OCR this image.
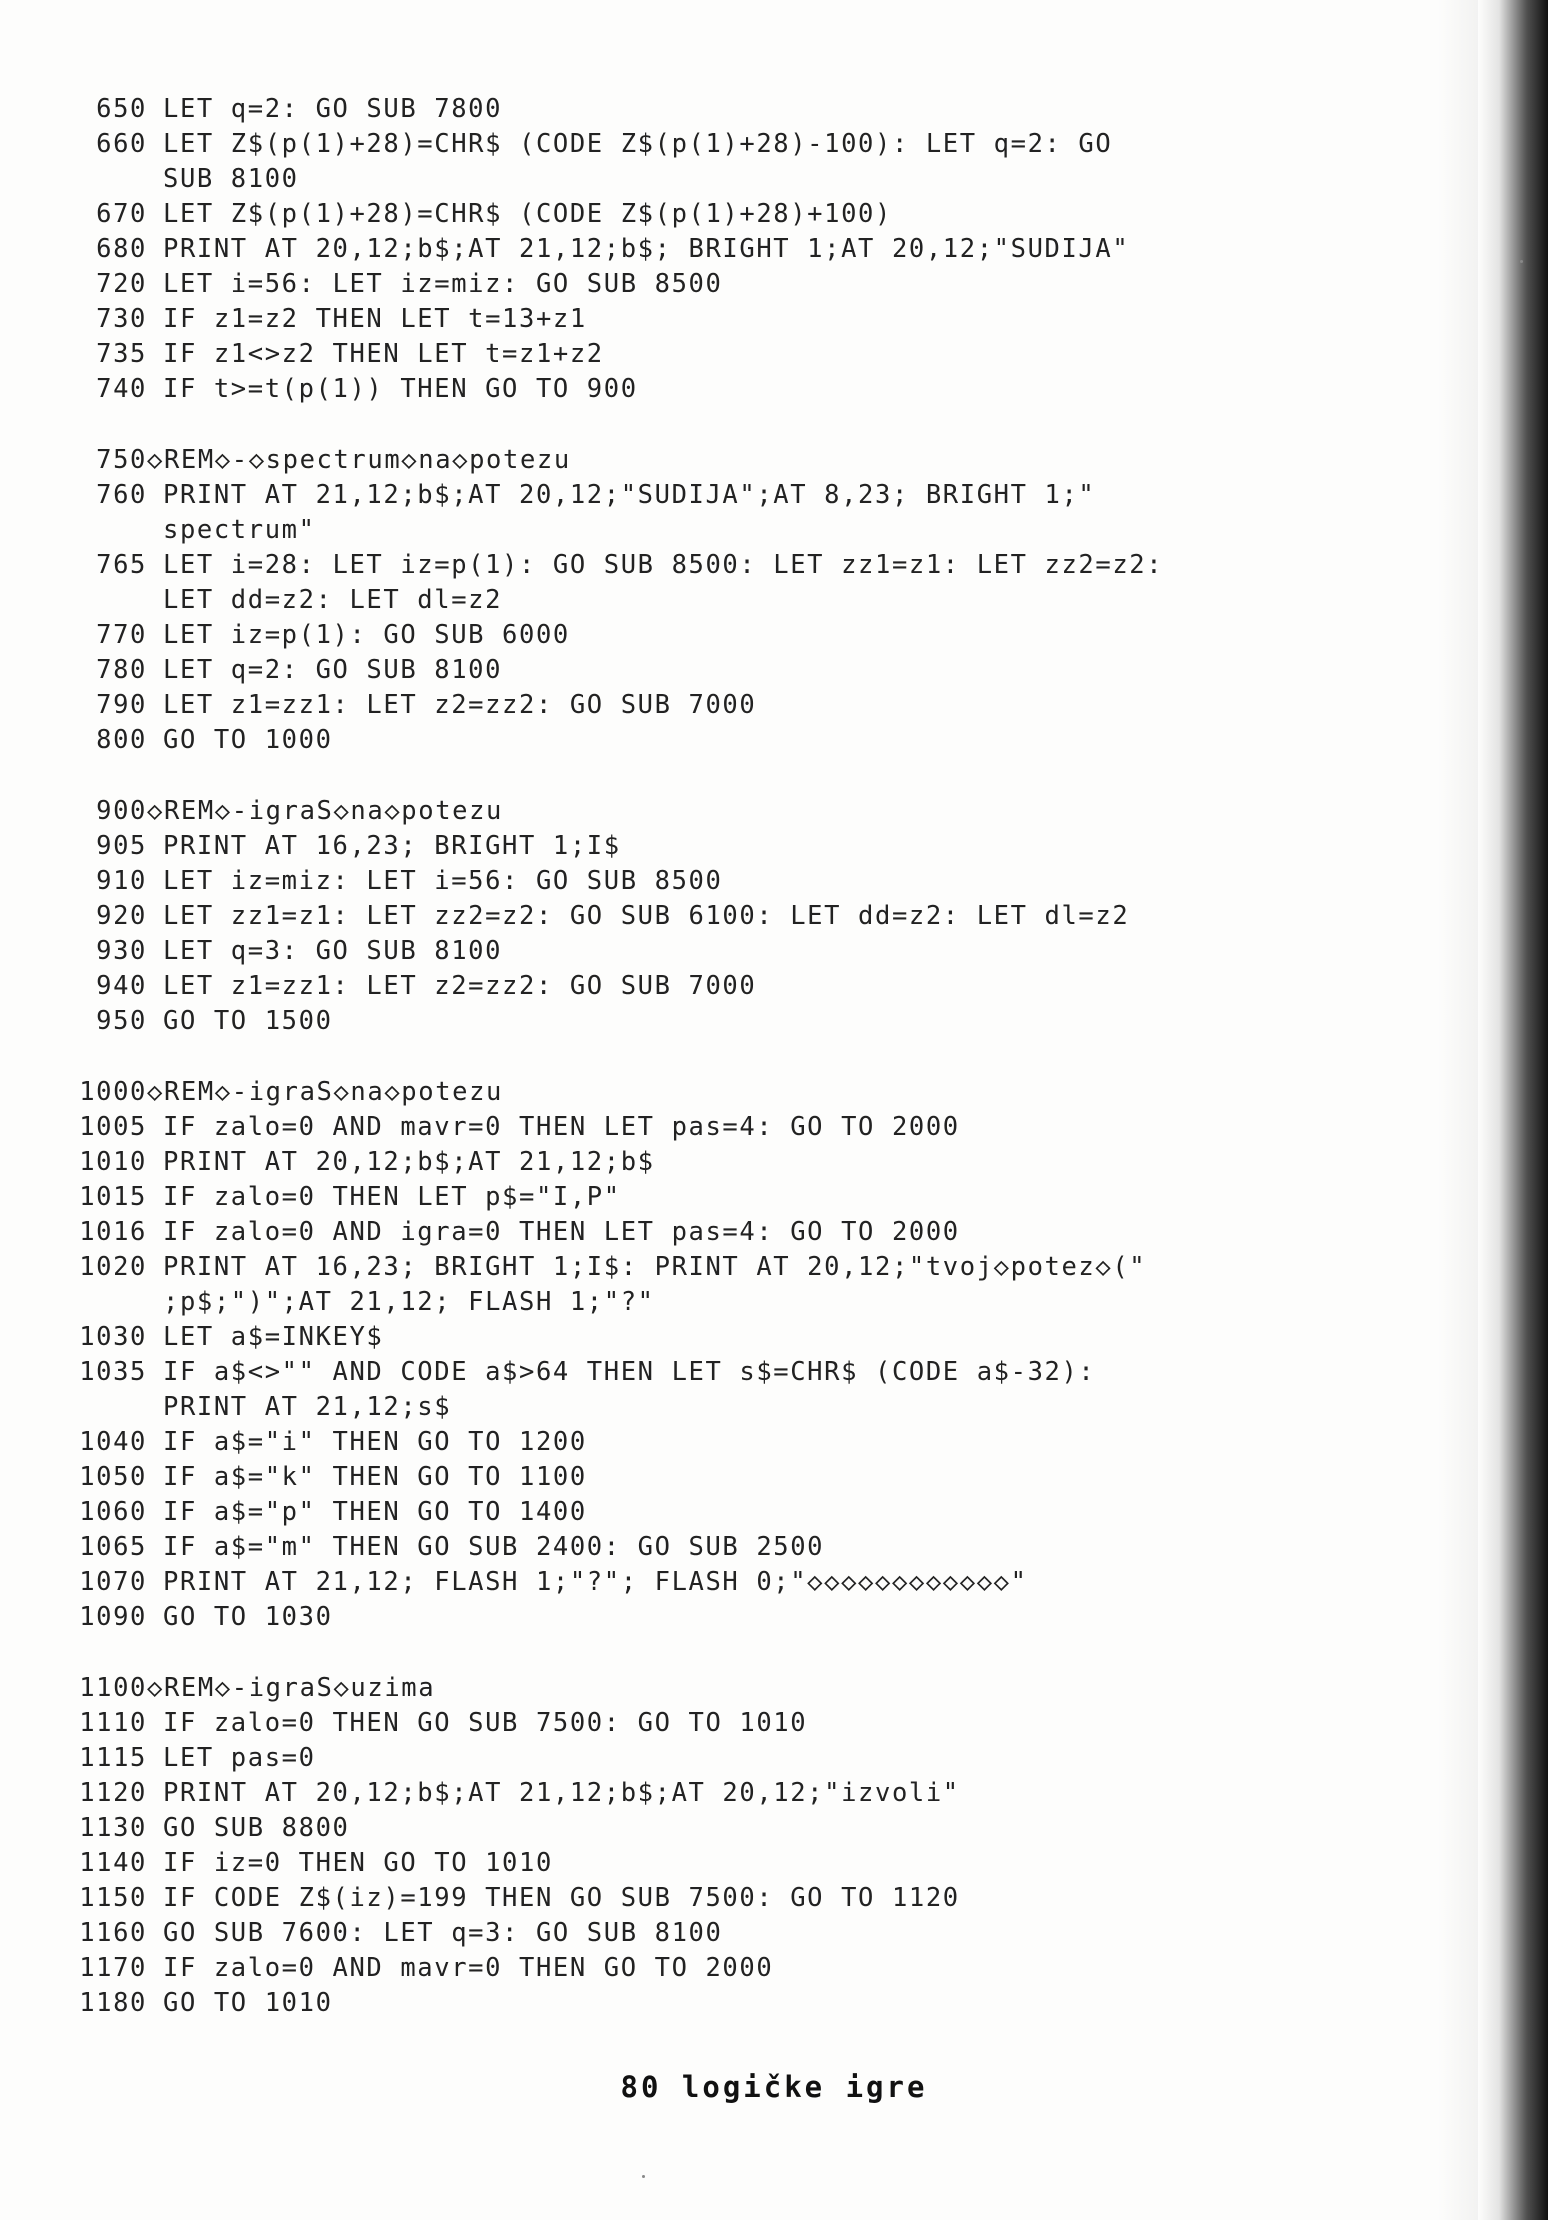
650 LET q=2: GO SUB 7800
660 LET Z$(p(1)+28)=CHR$ (CODE Z$(p(1)+28)-100): LET q=2: GO
SUB 8100
670 LET Z$(p(1)+28)=CHR$ (CODE Z$(p(1)+28)+100)
680 PRINT AT 20,12;b$;AT 21,12;b$; BRIGHT 1;AT 20,12;"SUDIJA"
720 LET i=56: LET iz=miz: GO SUB 8500
730 IF z1=z2 THEN LET t=13+z1
735 IF z1<>z2 THEN LET t=z1+z2
740 IF t>=t(p(1)) THEN GO TO 900
750 ◇REM◇-◇spectrum◇na◇potezu
760 PRINT AT 21,12;b$;AT 20,12;"SUDIJA";AT 8,23; BRIGHT 1;"
spectrum"
765 LET i=28: LET iz=p(1): GO SUB 8500: LET zz1=z1: LET zz2=z2:
LET dd=z2: LET dl=z2
770 LET iz=p(1): GO SUB 6000
780 LET q=2: GO SUB 8100
790 LET z1=zz1: LET z2=zz2: GO SUB 7000
800 GO TO 1000
900 ◇REM◇-igraS◇na◇potezu
905 PRINT AT 16,23; BRIGHT 1;I$
910 LET iz=miz: LET i=56: GO SUB 8500
920 LET zz1=z1: LET zz2=z2: GO SUB 6100: LET dd=z2: LET dl=z2
930 LET q=3: GO SUB 8100
940 LET z1=zz1: LET z2=zz2: GO SUB 7000
950 GO TO 1500
1000 ◇REM◇-igraS◇na◇potezu
1005 IF zalo=0 AND mavr=0 THEN LET pas=4: GO TO 2000
1010 PRINT AT 20,12;b$;AT 21,12;b$
1015 IF zalo=0 THEN LET p$="I,P"
1016 IF zalo=0 AND igra=0 THEN LET pas=4: GO TO 2000
1020 PRINT AT 16,23; BRIGHT 1;I$: PRINT AT 20,12;"tvoj◇potez◇("
;p$;")";AT 21,12; FLASH 1;"?"
1030 LET a$=INKEY$
1035 IF a$<>"" AND CODE a$>64 THEN LET s$=CHR$ (CODE a$-32):
PRINT AT 21,12;s$
1040 IF a$="i" THEN GO TO 1200
1050 IF a$="k" THEN GO TO 1100
1060 IF a$="p" THEN GO TO 1400
1065 IF a$="m" THEN GO SUB 2400: GO SUB 2500
1070 PRINT AT 21,12; FLASH 1;"?"; FLASH 0;"◇◇◇◇◇◇◇◇◇◇◇◇"
1090 GO TO 1030
1100 ◇REM◇-igraS◇uzima
1110 IF zalo=0 THEN GO SUB 7500: GO TO 1010
1115 LET pas=0
1120 PRINT AT 20,12;b$;AT 21,12;b$;AT 20,12;"izvoli"
1130 GO SUB 8800
1140 IF iz=0 THEN GO TO 1010
1150 IF CODE Z$(iz)=199 THEN GO SUB 7500: GO TO 1120
1160 GO SUB 7600: LET q=3: GO SUB 8100
1170 IF zalo=0 AND mavr=0 THEN GO TO 2000
1180 GO TO 1010
80 logičke igre
